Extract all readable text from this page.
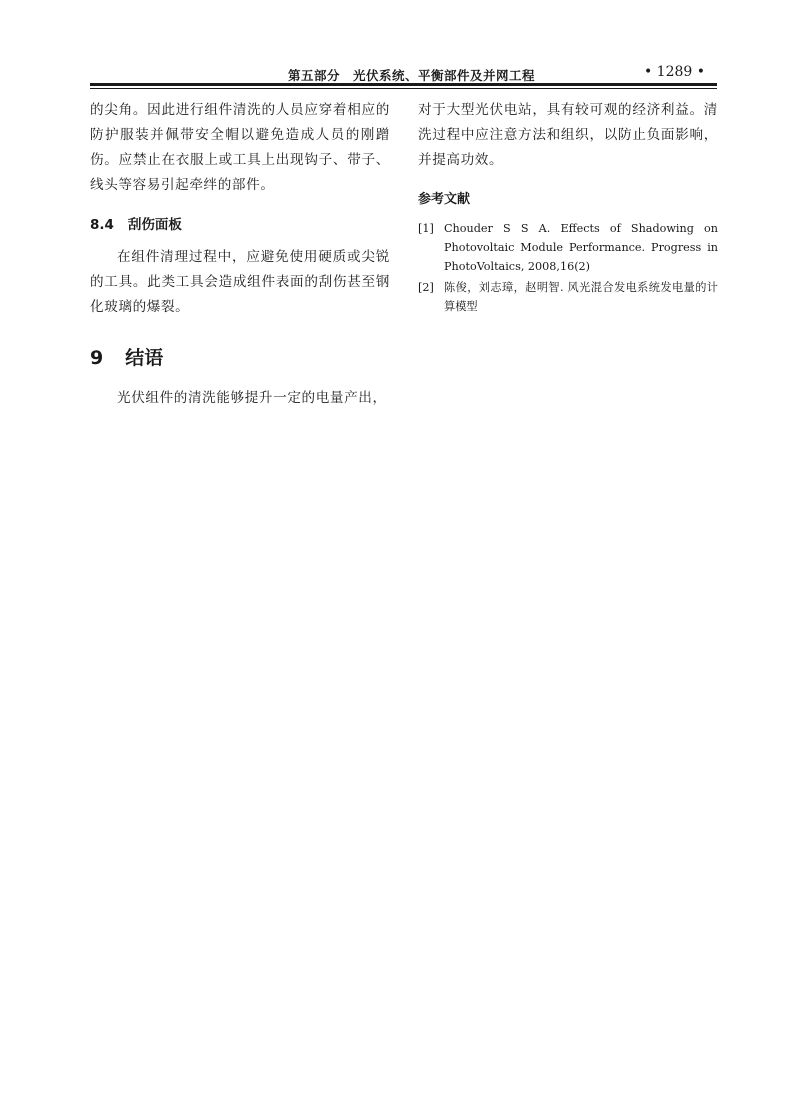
第五部分　光伏系统、平衡部件及并网工程	• 1289 •

的尖角。因此进行组件清洗的人员应穿着相应的防护服装并佩带安全帽以避免造成人员的刚蹭伤。应禁止在衣服上或工具上出现钩子、带子、线头等容易引起牵绊的部件。

8.4 刮伤面板

在组件清理过程中，应避免使用硬质或尖锐的工具。此类工具会造成组件表面的刮伤甚至钢化玻璃的爆裂。

9 结语

光伏组件的清洗能够提升一定的电量产出，

对于大型光伏电站，具有较可观的经济利益。清洗过程中应注意方法和组织，以防止负面影响，并提高功效。

参考文献
[1] Chouder S S A. Effects of Shadowing on Photovoltaic Module Performance. Progress in PhotoVoltaics, 2008,16(2)
[2] 陈俊，刘志璋，赵明智. 风光混合发电系统发电量的计算模型
